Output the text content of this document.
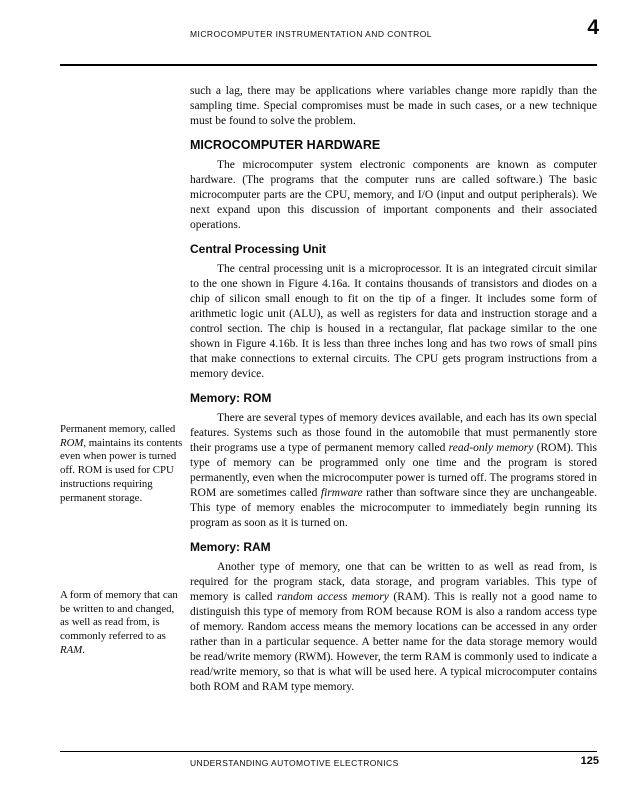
MICROCOMPUTER INSTRUMENTATION AND CONTROL	4

such a lag, there may be applications where variables change more rapidly than the sampling time. Special compromises must be made in such cases, or a new technique must be found to solve the problem.

MICROCOMPUTER HARDWARE

The microcomputer system electronic components are known as computer hardware. (The programs that the computer runs are called software.) The basic microcomputer parts are the CPU, memory, and I/O (input and output peripherals). We next expand upon this discussion of important components and their associated operations.

Central Processing Unit

The central processing unit is a microprocessor. It is an integrated circuit similar to the one shown in Figure 4.16a. It contains thousands of transistors and diodes on a chip of silicon small enough to fit on the tip of a finger. It includes some form of arithmetic logic unit (ALU), as well as registers for data and instruction storage and a control section. The chip is housed in a rectangular, flat package similar to the one shown in Figure 4.16b. It is less than three inches long and has two rows of small pins that make connections to external circuits. The CPU gets program instructions from a memory device.

Memory: ROM

There are several types of memory devices available, and each has its own special features. Systems such as those found in the automobile that must permanently store their programs use a type of permanent memory called read-only memory (ROM). This type of memory can be programmed only one time and the program is stored permanently, even when the microcomputer power is turned off. The programs stored in ROM are sometimes called firmware rather than software since they are unchangeable. This type of memory enables the microcomputer to immediately begin running its program as soon as it is turned on.

Memory: RAM

Another type of memory, one that can be written to as well as read from, is required for the program stack, data storage, and program variables. This type of memory is called random access memory (RAM). This is really not a good name to distinguish this type of memory from ROM because ROM is also a random access type of memory. Random access means the memory locations can be accessed in any order rather than in a particular sequence. A better name for the data storage memory would be read/write memory (RWM). However, the term RAM is commonly used to indicate a read/write memory, so that is what will be used here. A typical microcomputer contains both ROM and RAM type memory.

Permanent memory, called ROM, maintains its contents even when power is turned off. ROM is used for CPU instructions requiring permanent storage.
A form of memory that can be written to and changed, as well as read from, is commonly referred to as RAM.
UNDERSTANDING AUTOMOTIVE ELECTRONICS	125
